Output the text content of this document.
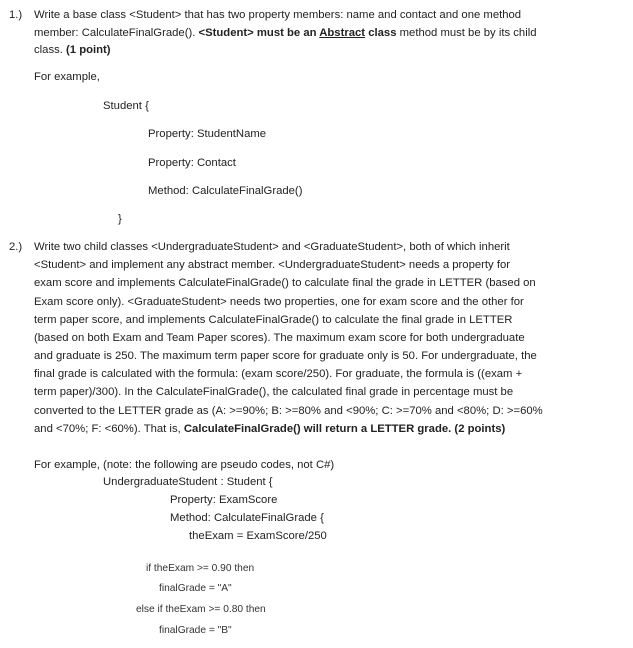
1.) Write a base class <Student> that has two property members: name and contact and one method
member: CalculateFinalGrade(). <Student> must be an Abstract class method must be by its child
class. (1 point)
For example,
Student {
Property: StudentName
Property: Contact
Method: CalculateFinalGrade()
}
2.) Write two child classes <UndergraduateStudent> and <GraduateStudent>, both of which inherit
<Student> and implement any abstract member. <UndergraduateStudent> needs a property for
exam score and implements CalculateFinalGrade() to calculate final the grade in LETTER (based on
Exam score only). <GraduateStudent> needs two properties, one for exam score and the other for
term paper score, and implements CalculateFinalGrade() to calculate the final grade in LETTER
(based on both Exam and Team Paper scores). The maximum exam score for both undergraduate
and graduate is 250. The maximum term paper score for graduate only is 50. For undergraduate, the
final grade is calculated with the formula: (exam score/250). For graduate, the formula is ((exam +
term paper)/300). In the CalculateFinalGrade(), the calculated final grade in percentage must be
converted to the LETTER grade as (A: >=90%; B: >=80% and <90%; C: >=70% and <80%; D: >=60%
and <70%; F: <60%). That is, CalculateFinalGrade() will return a LETTER grade. (2 points)
For example, (note: the following are pseudo codes, not C#)
UndergraduateStudent : Student {
Property: ExamScore
Method: CalculateFinalGrade {
theExam = ExamScore/250
if theExam >= 0.90 then
finalGrade = "A"
else if theExam >= 0.80 then
finalGrade = "B"
